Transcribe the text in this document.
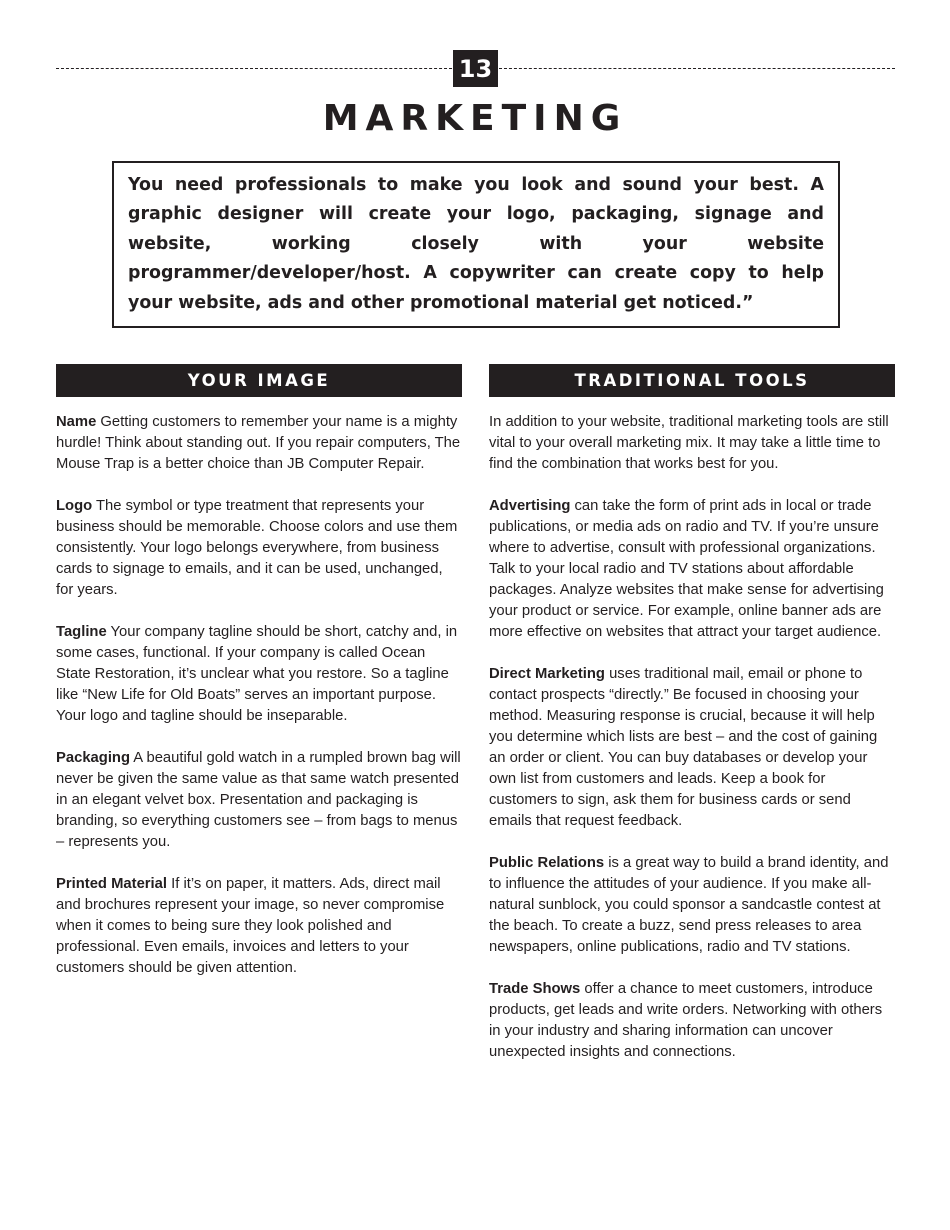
13
MARKETING

You need professionals to make you look and sound your best. A graphic designer will create your logo, packaging, signage and website, working closely with your website programmer/developer/host. A copywriter can create copy to help your website, ads and other promotional material get noticed.”

YOUR IMAGE

Name Getting customers to remember your name is a mighty hurdle! Think about standing out. If you repair computers, The Mouse Trap is a better choice than JB Computer Repair.

Logo The symbol or type treatment that represents your business should be memorable. Choose colors and use them consistently. Your logo belongs everywhere, from business cards to signage to emails, and it can be used, unchanged, for years.

Tagline Your company tagline should be short, catchy and, in some cases, functional. If your company is called Ocean State Restoration, it’s unclear what you restore. So a tagline like “New Life for Old Boats” serves an important purpose. Your logo and tagline should be inseparable.

Packaging A beautiful gold watch in a rumpled brown bag will never be given the same value as that same watch presented in an elegant velvet box. Presentation and packaging is branding, so everything customers see – from bags to menus – represents you.

Printed Material If it’s on paper, it matters. Ads, direct mail and brochures represent your image, so never compromise when it comes to being sure they look polished and professional. Even emails, invoices and letters to your customers should be given attention.

TRADITIONAL TOOLS

In addition to your website, traditional marketing tools are still vital to your overall marketing mix. It may take a little time to find the combination that works best for you.

Advertising can take the form of print ads in local or trade publications, or media ads on radio and TV. If you’re unsure where to advertise, consult with professional organizations. Talk to your local radio and TV stations about affordable packages. Analyze websites that make sense for advertising your product or service. For example, online banner ads are more effective on websites that attract your target audience.

Direct Marketing uses traditional mail, email or phone to contact prospects “directly.” Be focused in choosing your method. Measuring response is crucial, because it will help you determine which lists are best – and the cost of gaining an order or client. You can buy databases or develop your own list from customers and leads. Keep a book for customers to sign, ask them for business cards or send emails that request feedback.

Public Relations is a great way to build a brand identity, and to influence the attitudes of your audience. If you make all-natural sunblock, you could sponsor a sandcastle contest at the beach. To create a buzz, send press releases to area newspapers, online publications, radio and TV stations.

Trade Shows offer a chance to meet customers, introduce products, get leads and write orders. Networking with others in your industry and sharing information can uncover unexpected insights and connections.
